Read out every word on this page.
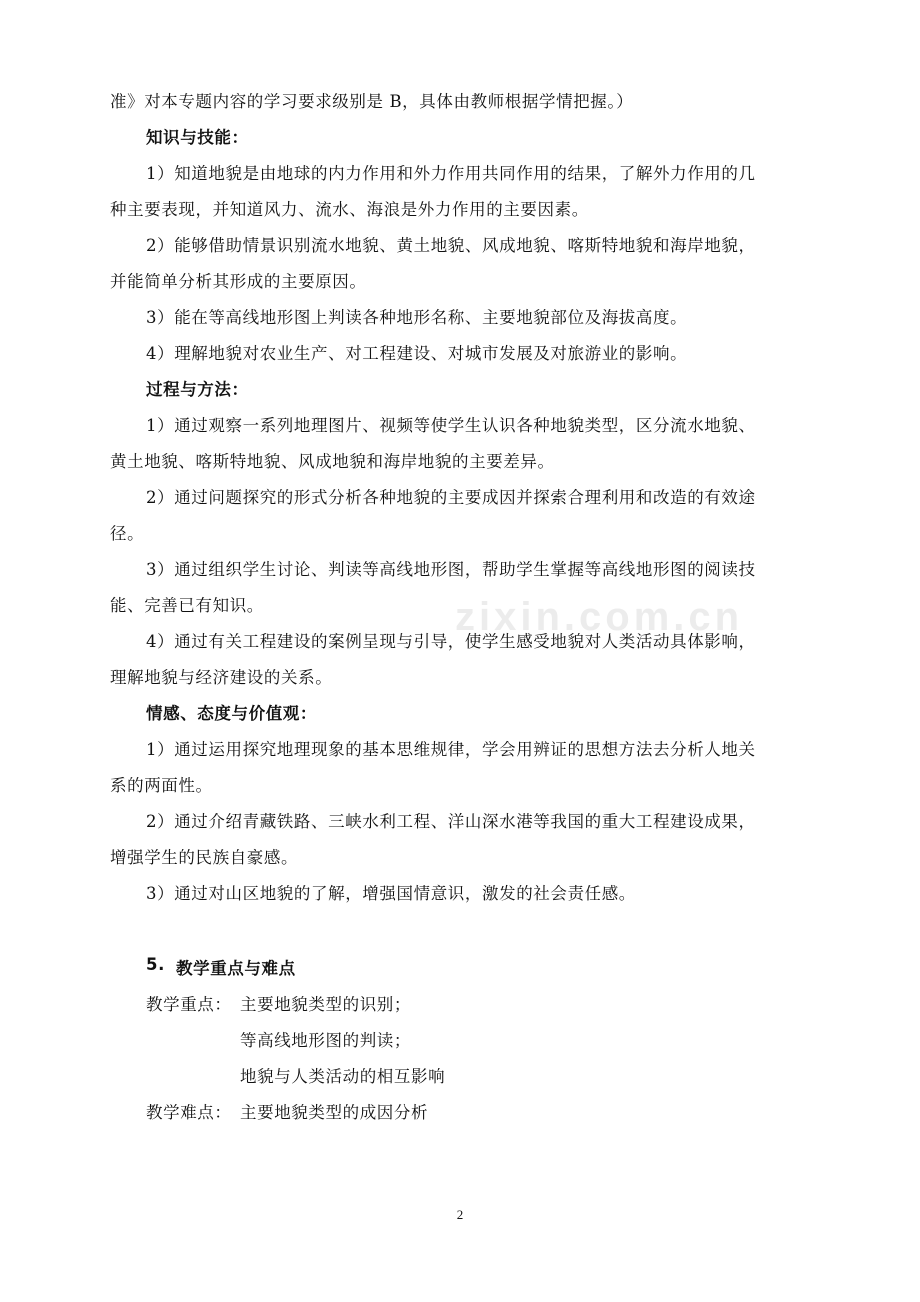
zixin.com.cn
准》对本专题内容的学习要求级别是 B，具体由教师根据学情把握。）
知识与技能：
1）知道地貌是由地球的内力作用和外力作用共同作用的结果，了解外力作用的几
种主要表现，并知道风力、流水、海浪是外力作用的主要因素。
2）能够借助情景识别流水地貌、黄土地貌、风成地貌、喀斯特地貌和海岸地貌，
并能简单分析其形成的主要原因。
3）能在等高线地形图上判读各种地形名称、主要地貌部位及海拔高度。
4）理解地貌对农业生产、对工程建设、对城市发展及对旅游业的影响。
过程与方法：
1）通过观察一系列地理图片、视频等使学生认识各种地貌类型，区分流水地貌、
黄土地貌、喀斯特地貌、风成地貌和海岸地貌的主要差异。
2）通过问题探究的形式分析各种地貌的主要成因并探索合理利用和改造的有效途
径。
3）通过组织学生讨论、判读等高线地形图，帮助学生掌握等高线地形图的阅读技
能、完善已有知识。
4）通过有关工程建设的案例呈现与引导，使学生感受地貌对人类活动具体影响，
理解地貌与经济建设的关系。
情感、态度与价值观：
1）通过运用探究地理现象的基本思维规律，学会用辨证的思想方法去分析人地关
系的两面性。
2）通过介绍青藏铁路、三峡水利工程、洋山深水港等我国的重大工程建设成果，
增强学生的民族自豪感。
3）通过对山区地貌的了解，增强国情意识，激发的社会责任感。
5. 教学重点与难点
教学重点： 主要地貌类型的识别；
等高线地形图的判读；
地貌与人类活动的相互影响
教学难点： 主要地貌类型的成因分析
2
